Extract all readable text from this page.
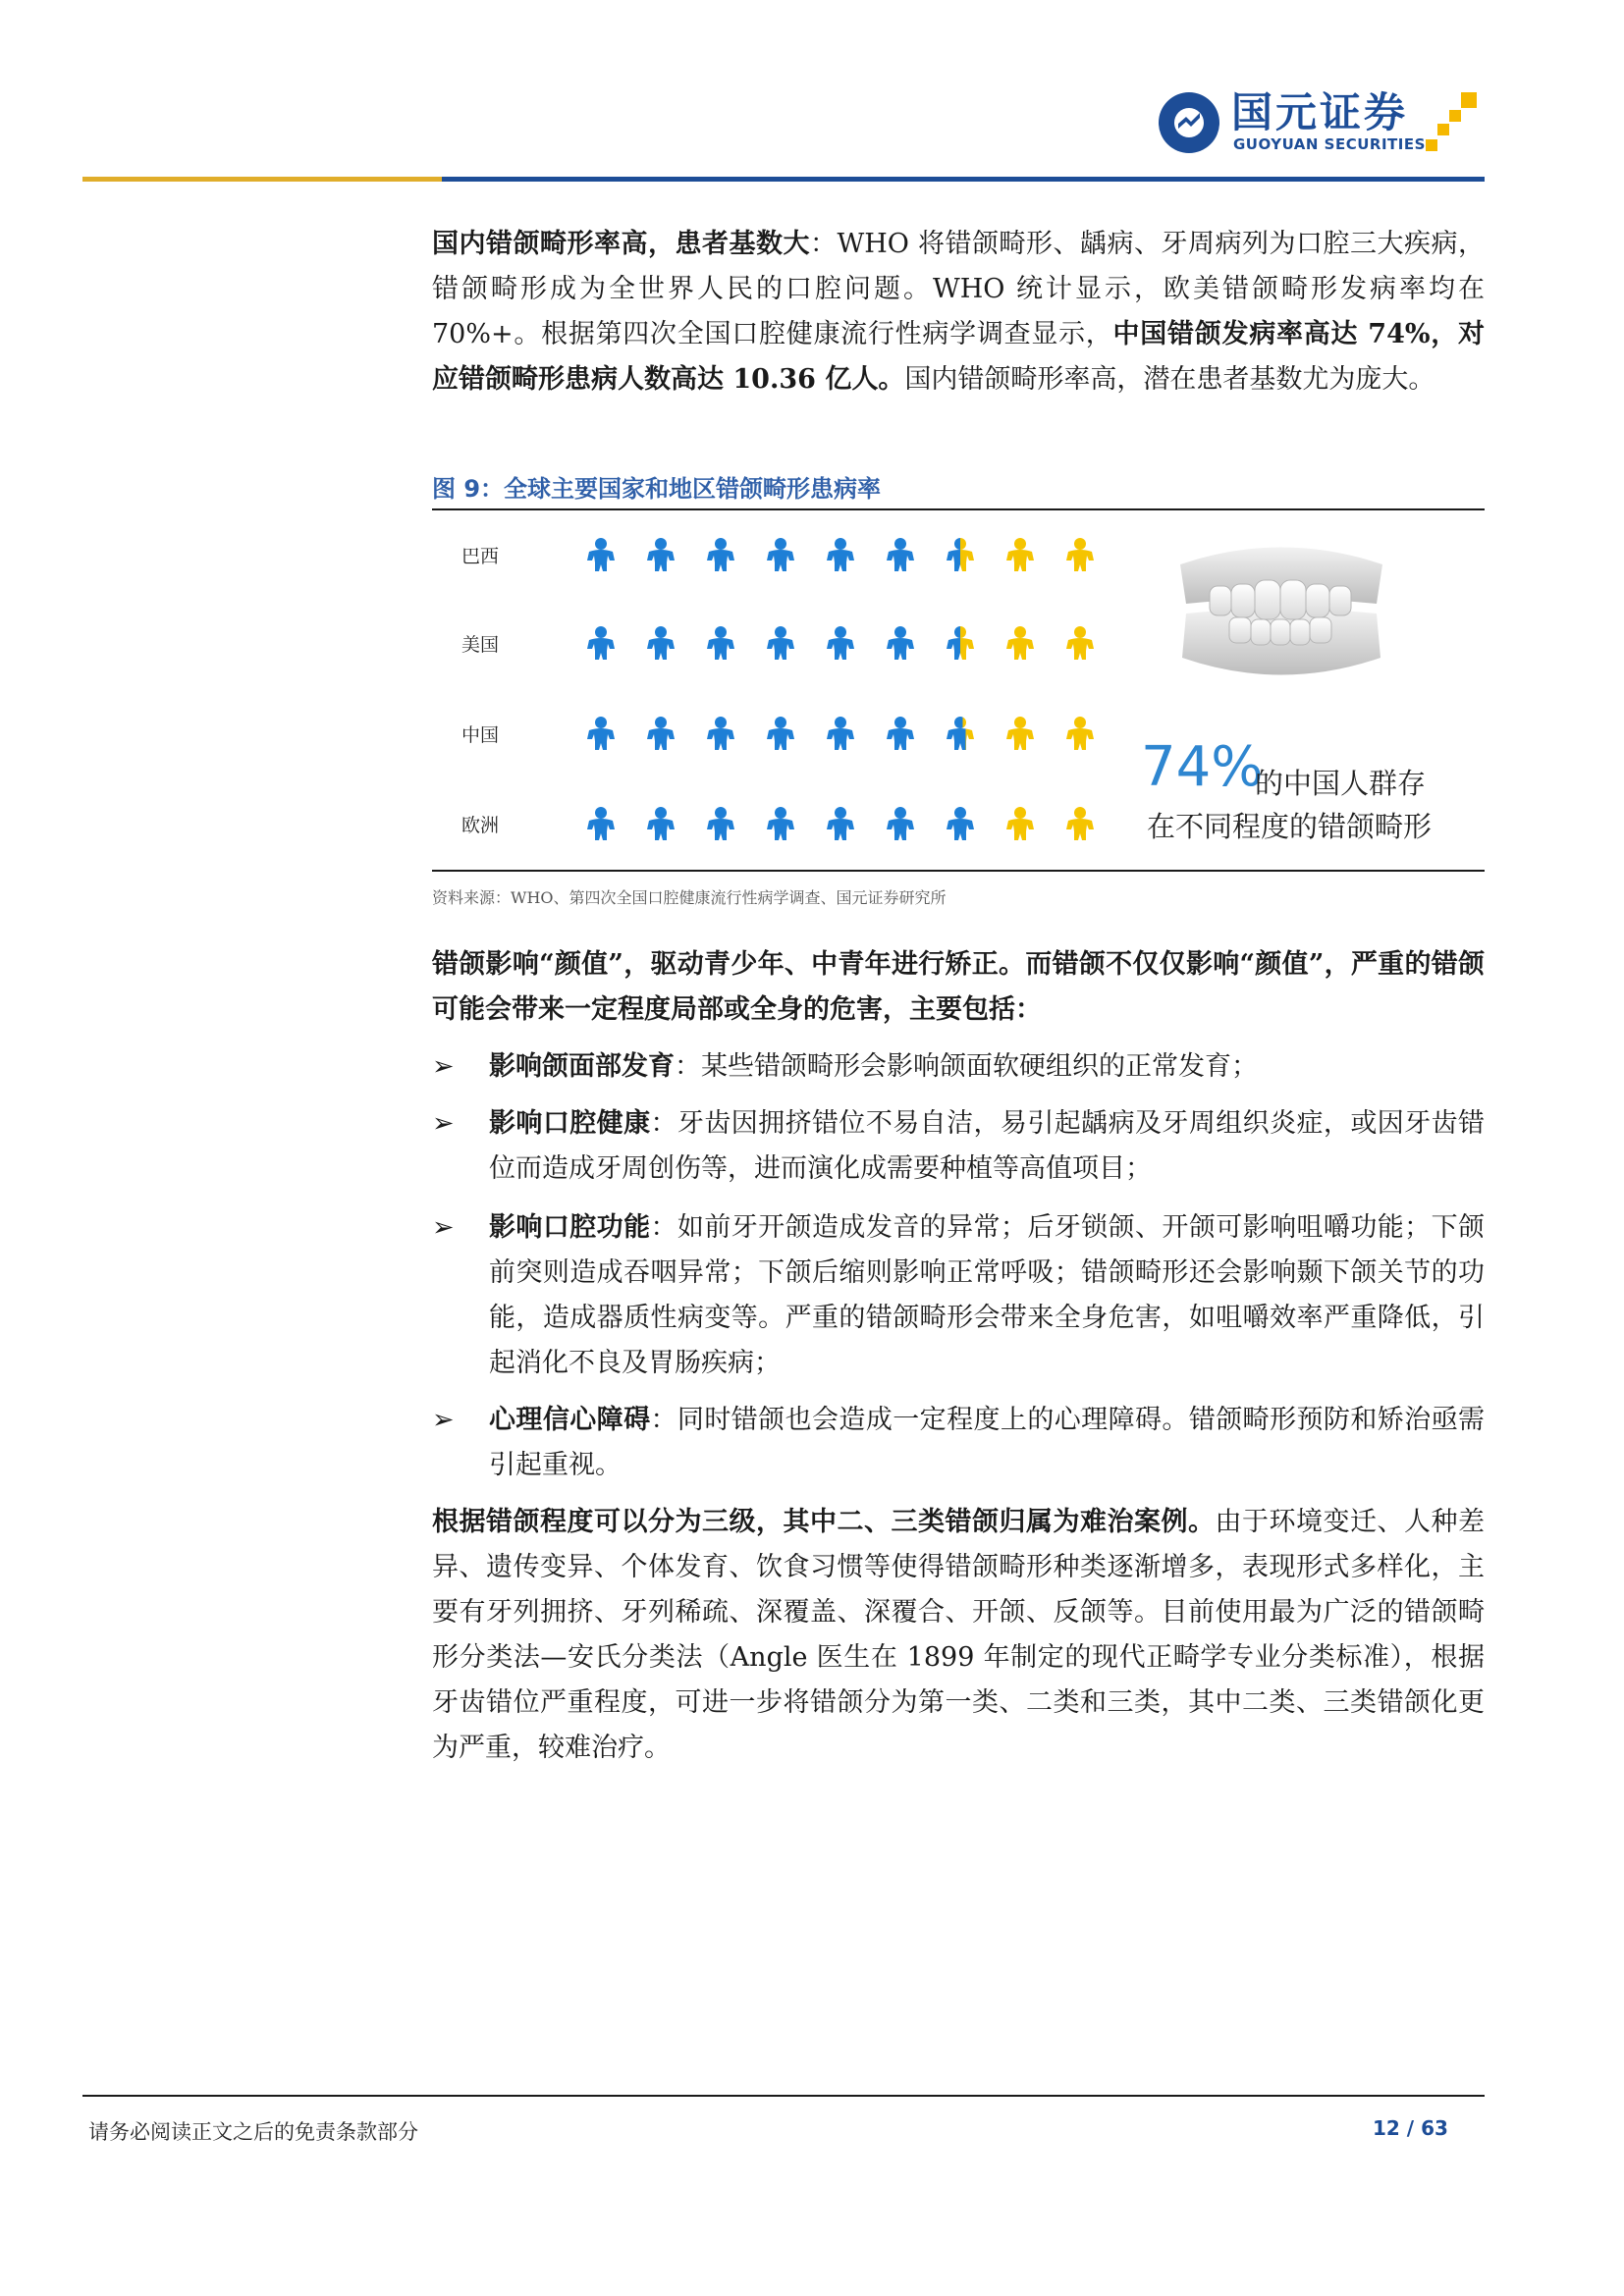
国元证券
GUOYUAN SECURITIES
国内错颌畸形率高，患者基数大：WHO 将错颌畸形、龋病、牙周病列为口腔三大疾病，错颌畸形成为全世界人民的口腔问题。WHO 统计显示，欧美错颌畸形发病率均在 70%+。根据第四次全国口腔健康流行性病学调查显示，中国错颌发病率高达 74%，对应错颌畸形患病人数高达 10.36 亿人。国内错颌畸形率高，潜在患者基数尤为庞大。
图 9：全球主要国家和地区错颌畸形患病率
巴西
美国
中国
欧洲
74%
的中国人群存
在不同程度的错颌畸形
资料来源：WHO、第四次全国口腔健康流行性病学调查、国元证券研究所
错颌影响“颜值”，驱动青少年、中青年进行矫正。而错颌不仅仅影响“颜值”，严重的错颌可能会带来一定程度局部或全身的危害，主要包括：
➢ 影响颌面部发育：某些错颌畸形会影响颌面软硬组织的正常发育；
➢ 影响口腔健康：牙齿因拥挤错位不易自洁，易引起龋病及牙周组织炎症，或因牙齿错位而造成牙周创伤等，进而演化成需要种植等高值项目；
➢ 影响口腔功能：如前牙开颌造成发音的异常；后牙锁颌、开颌可影响咀嚼功能；下颌前突则造成吞咽异常；下颌后缩则影响正常呼吸；错颌畸形还会影响颞下颌关节的功能，造成器质性病变等。严重的错颌畸形会带来全身危害，如咀嚼效率严重降低，引起消化不良及胃肠疾病；
➢ 心理信心障碍：同时错颌也会造成一定程度上的心理障碍。错颌畸形预防和矫治亟需引起重视。
根据错颌程度可以分为三级，其中二、三类错颌归属为难治案例。由于环境变迁、人种差异、遗传变异、个体发育、饮食习惯等使得错颌畸形种类逐渐增多，表现形式多样化，主要有牙列拥挤、牙列稀疏、深覆盖、深覆合、开颌、反颌等。目前使用最为广泛的错颌畸形分类法—安氏分类法（Angle 医生在 1899 年制定的现代正畸学专业分类标准），根据牙齿错位严重程度，可进一步将错颌分为第一类、二类和三类，其中二类、三类错颌化更为严重，较难治疗。
请务必阅读正文之后的免责条款部分	12 / 63
